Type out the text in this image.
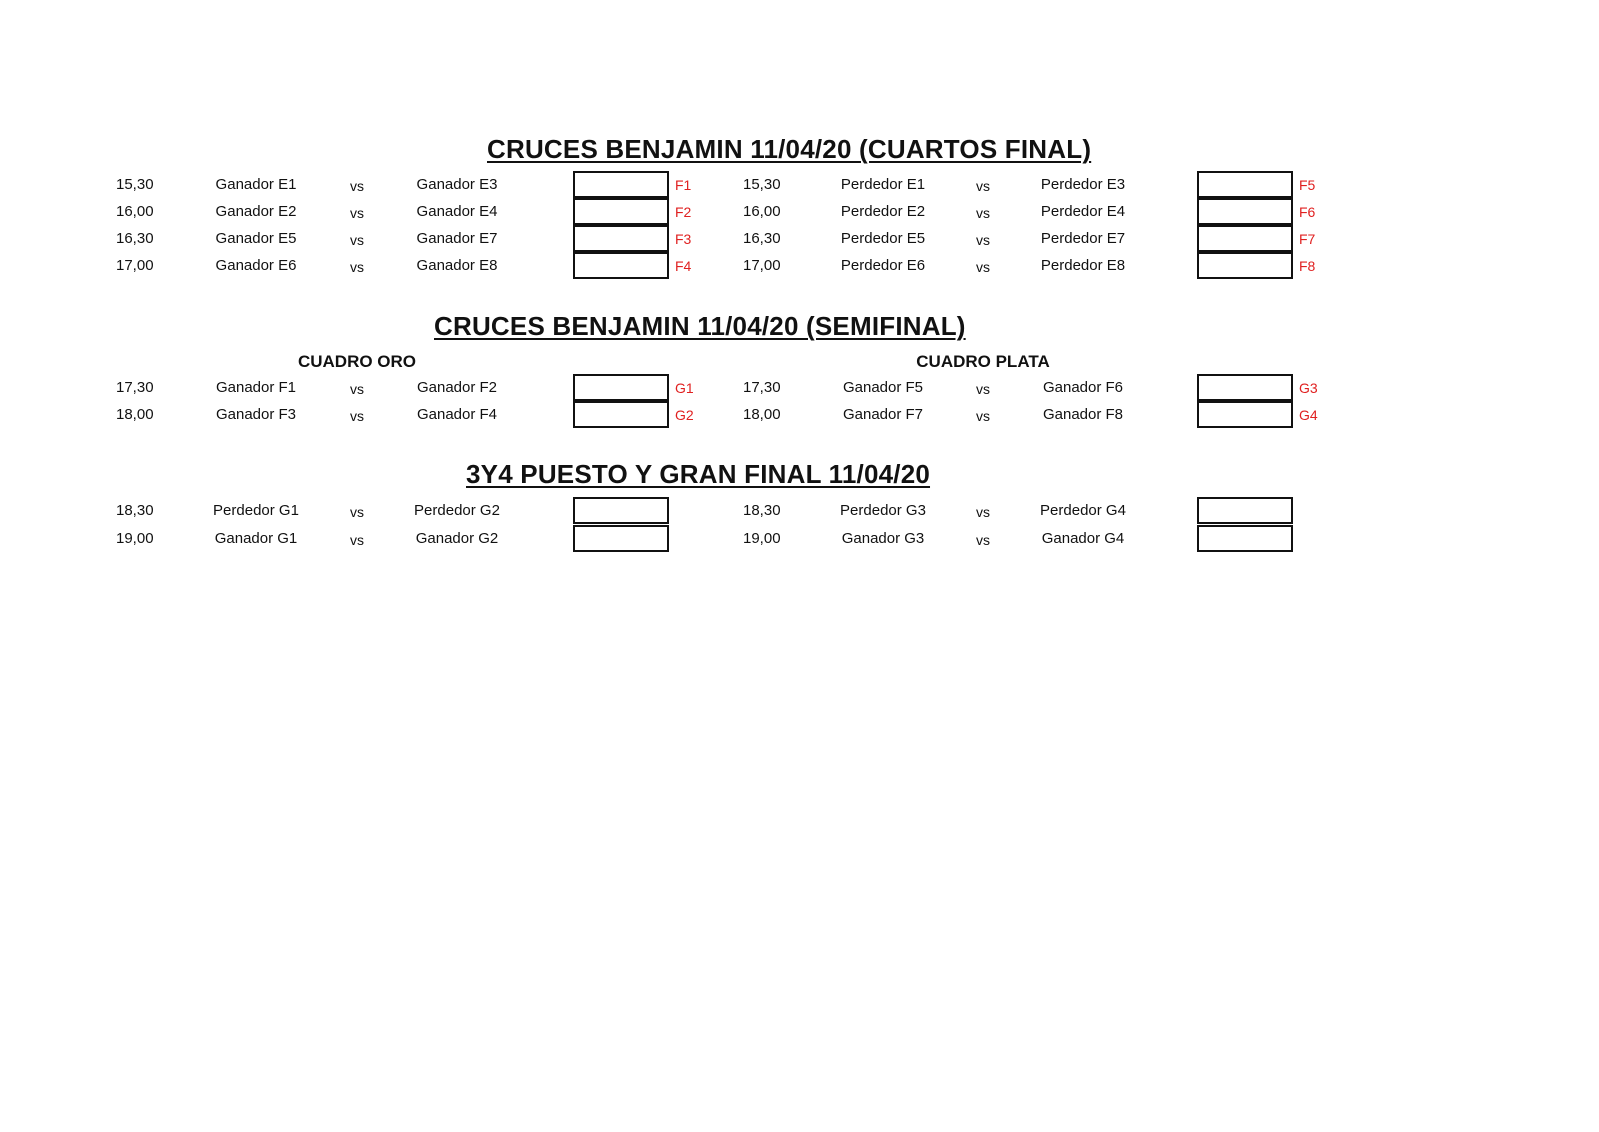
CRUCES BENJAMIN 11/04/20 (CUARTOS FINAL)
15,30	Ganador E1	vs	Ganador E3	F1	15,30	Perdedor E1	vs	Perdedor E3	F5
16,00	Ganador E2	vs	Ganador E4	F2	16,00	Perdedor E2	vs	Perdedor E4	F6
16,30	Ganador E5	vs	Ganador E7	F3	16,30	Perdedor E5	vs	Perdedor E7	F7
17,00	Ganador E6	vs	Ganador E8	F4	17,00	Perdedor E6	vs	Perdedor E8	F8
CRUCES BENJAMIN 11/04/20 (SEMIFINAL)
CUADRO ORO	CUADRO PLATA
17,30	Ganador F1	vs	Ganador F2	G1	17,30	Ganador F5	vs	Ganador F6	G3
18,00	Ganador F3	vs	Ganador F4	G2	18,00	Ganador F7	vs	Ganador F8	G4
3Y4 PUESTO Y GRAN FINAL 11/04/20
18,30	Perdedor G1	vs	Perdedor G2	18,30	Perdedor G3	vs	Perdedor G4
19,00	Ganador G1	vs	Ganador G2	19,00	Ganador G3	vs	Ganador G4
